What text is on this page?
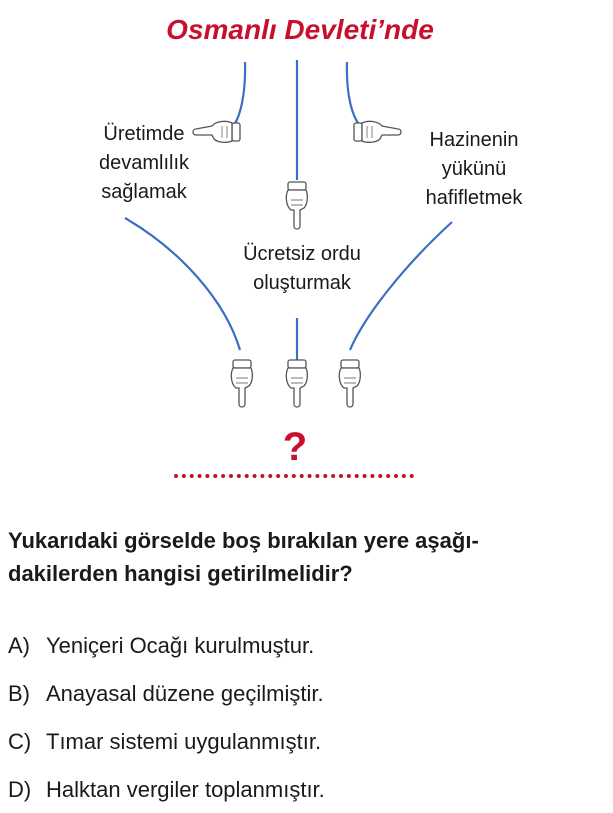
Osmanlı Devleti’nde
Üretimde
devamlılık
sağlamak
Hazinenin
yükünü
hafifletmek
Ücretsiz ordu
oluşturmak
?
Yukarıdaki görselde boş bırakılan yere aşağı-
dakilerden hangisi getirilmelidir?
A) Yeniçeri Ocağı kurulmuştur.
B) Anayasal düzene geçilmiştir.
C) Tımar sistemi uygulanmıştır.
D) Halktan vergiler toplanmıştır.
